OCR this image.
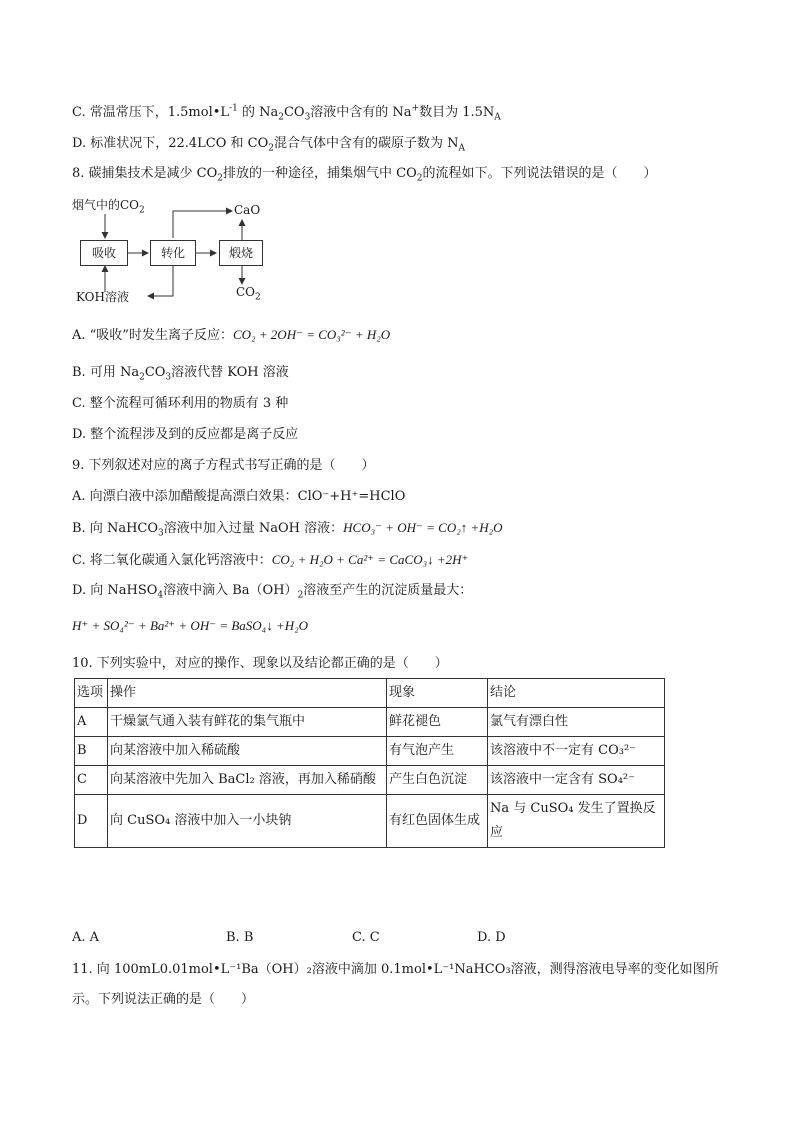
C. 常温常压下，$1.5mol•L^{-1}$ 的 $Na_2CO_3$溶液中含有的 Na+数目为 $1.5N_A$
D. 标准状况下，22.4LCO 和 $CO_2$混合气体中含有的碳原子数为 $N_A$
8. 碳捕集技术是减少 $CO_2$排放的一种途径，捕集烟气中 $CO_2$的流程如下。下列说法错误的是（　　）
烟气中的$CO_2$
吸收	转化	煅烧
CaO
KOH溶液	$CO_2$
A. “吸收”时发生离子反应：CO₂ + 2OH⁻ = CO₃²⁻ + H₂O
B. 可用 $Na_2CO_3$溶液代替 KOH 溶液
C. 整个流程可循环利用的物质有 3 种
D. 整个流程涉及到的反应都是离子反应
9. 下列叙述对应的离子方程式书写正确的是（　　）
A. 向漂白液中添加醋酸提高漂白效果：ClO⁻+H⁺=HClO
B. 向 NaHCO$_3$溶液中加入过量 NaOH 溶液：HCO₃⁻ + OH⁻ = CO₂↑ +H₂O
C. 将二氧化碳通入氯化钙溶液中：CO₂ + H₂O + Ca²⁺ = CaCO₃↓ +2H⁺
D. 向 NaHSO$_4$溶液中滴入 $Ba(OH)_2$溶液至产生的沉淀质量最大：
H⁺ + SO₄²⁻ + Ba²⁺ + OH⁻ = BaSO₄↓ +H₂O
10. 下列实验中，对应的操作、现象以及结论都正确的是（　　）
选项	操作	现象	结论
A	干燥氯气通入装有鲜花的集气瓶中	鲜花褪色	氯气有漂白性
B	向某溶液中加入稀硫酸	有气泡产生	该溶液中不一定有 CO₃²⁻
C	向某溶液中先加入 BaCl₂ 溶液，再加入稀硝酸	产生白色沉淀	该溶液中一定含有 SO₄²⁻
D	向 CuSO₄ 溶液中加入一小块钠	有红色固体生成	Na 与 CuSO₄ 发生了置换反应
A. A	B. B	C. C	D. D
11. 向 100mL0.01mol•L⁻¹Ba（OH）₂溶液中滴加 0.1mol•L⁻¹NaHCO₃溶液，测得溶液电导率的变化如图所
示。下列说法正确的是（　　）
